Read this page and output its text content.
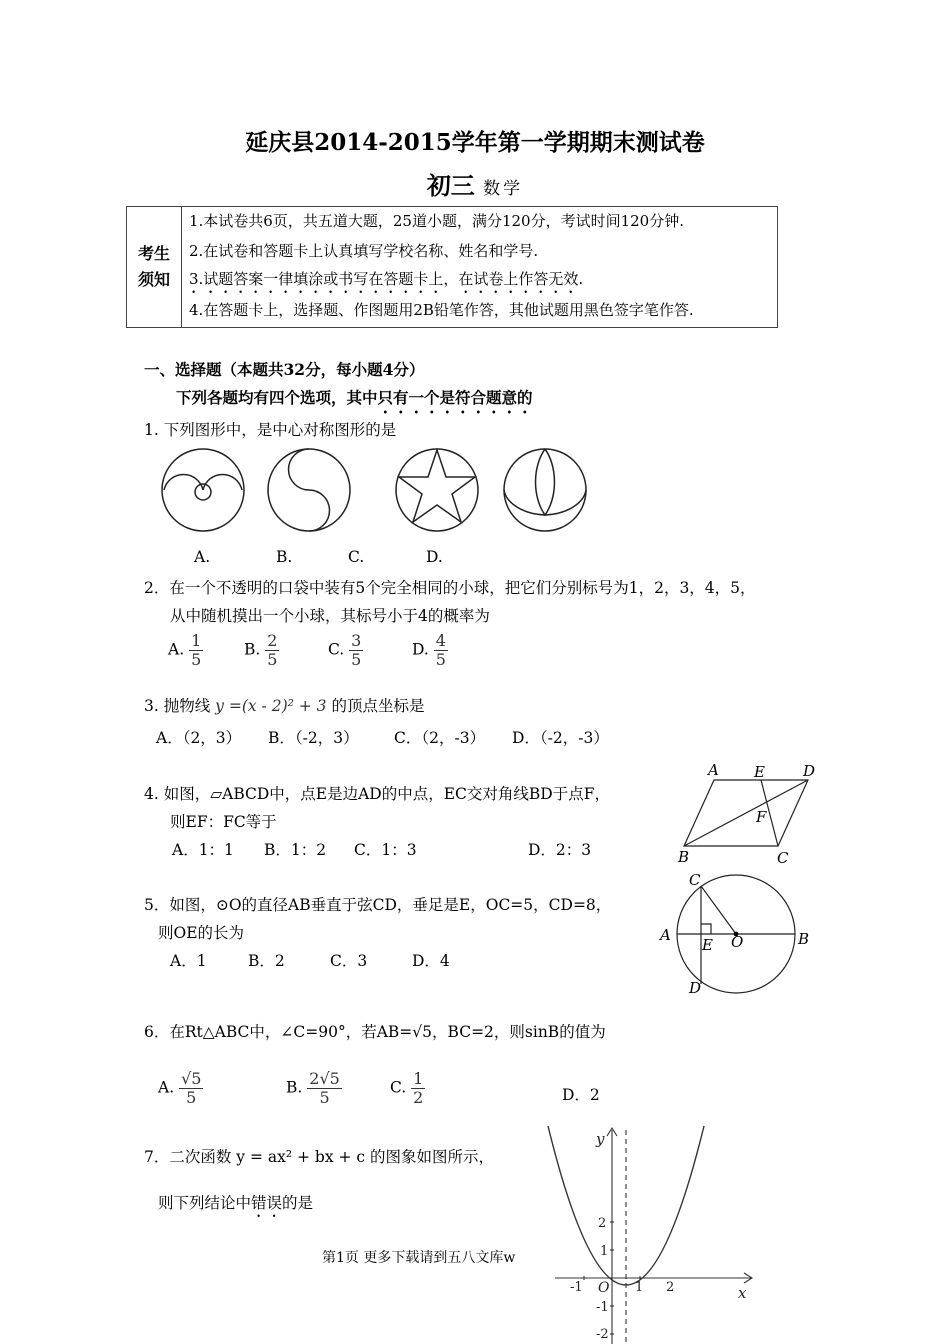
延庆县2014-2015学年第一学期期末测试卷
初三 数学
考生
须知
1.本试卷共6页，共五道大题，25道小题，满分120分，考试时间120分钟.
2.在试卷和答题卡上认真填写学校名称、姓名和学号.
3.试题答案一律填涂或书写在答题卡上，在试卷上作答无效.
4.在答题卡上，选择题、作图题用2B铅笔作答，其他试题用黑色签字笔作答.
一、选择题（本题共32分，每小题4分）
下列各题均有四个选项，其中只有一个是符合题意的
1. 下列图形中，是中心对称图形的是
A.	B.	C.	D.
2．在一个不透明的口袋中装有5个完全相同的小球，把它们分别标号为1，2，3，4，5，
从中随机摸出一个小球，其标号小于4的概率为
A. $\frac{1}{5}$	B. $\frac{2}{5}$	C. $\frac{3}{5}$	D. $\frac{4}{5}$
3. 抛物线 y =(x - 2)² + 3 的顶点坐标是
A．（2，3） B．（-2，3） C．（2，-3） D．（-2，-3）
4. 如图，▱ABCD中，点E是边AD的中点，EC交对角线BD于点F，
则EF：FC等于
A．1：1 B．1：2 C．1：3	D．2：3
A E	D
F
B	C
5．如图，⊙O的直径AB垂直于弦CD，垂足是E，OC=5，CD=8，
则OE的长为
A．1	B．2	C．3	D．4
C
A
E O	B
D
6．在Rt△ABC中，∠C=90°，若AB=√5，BC=2，则sinB的值为
A. $\frac{√5}{5}$	B. $\frac{2√5}{5}$	C. $\frac{1}{2}$	D．2
7．二次函数 y = ax² + bx + c 的图象如图所示，
则下列结论中错误的是
y
x
O
2
1
-1
-2
1 2
-1
第1页 更多下载请到五八文库w
